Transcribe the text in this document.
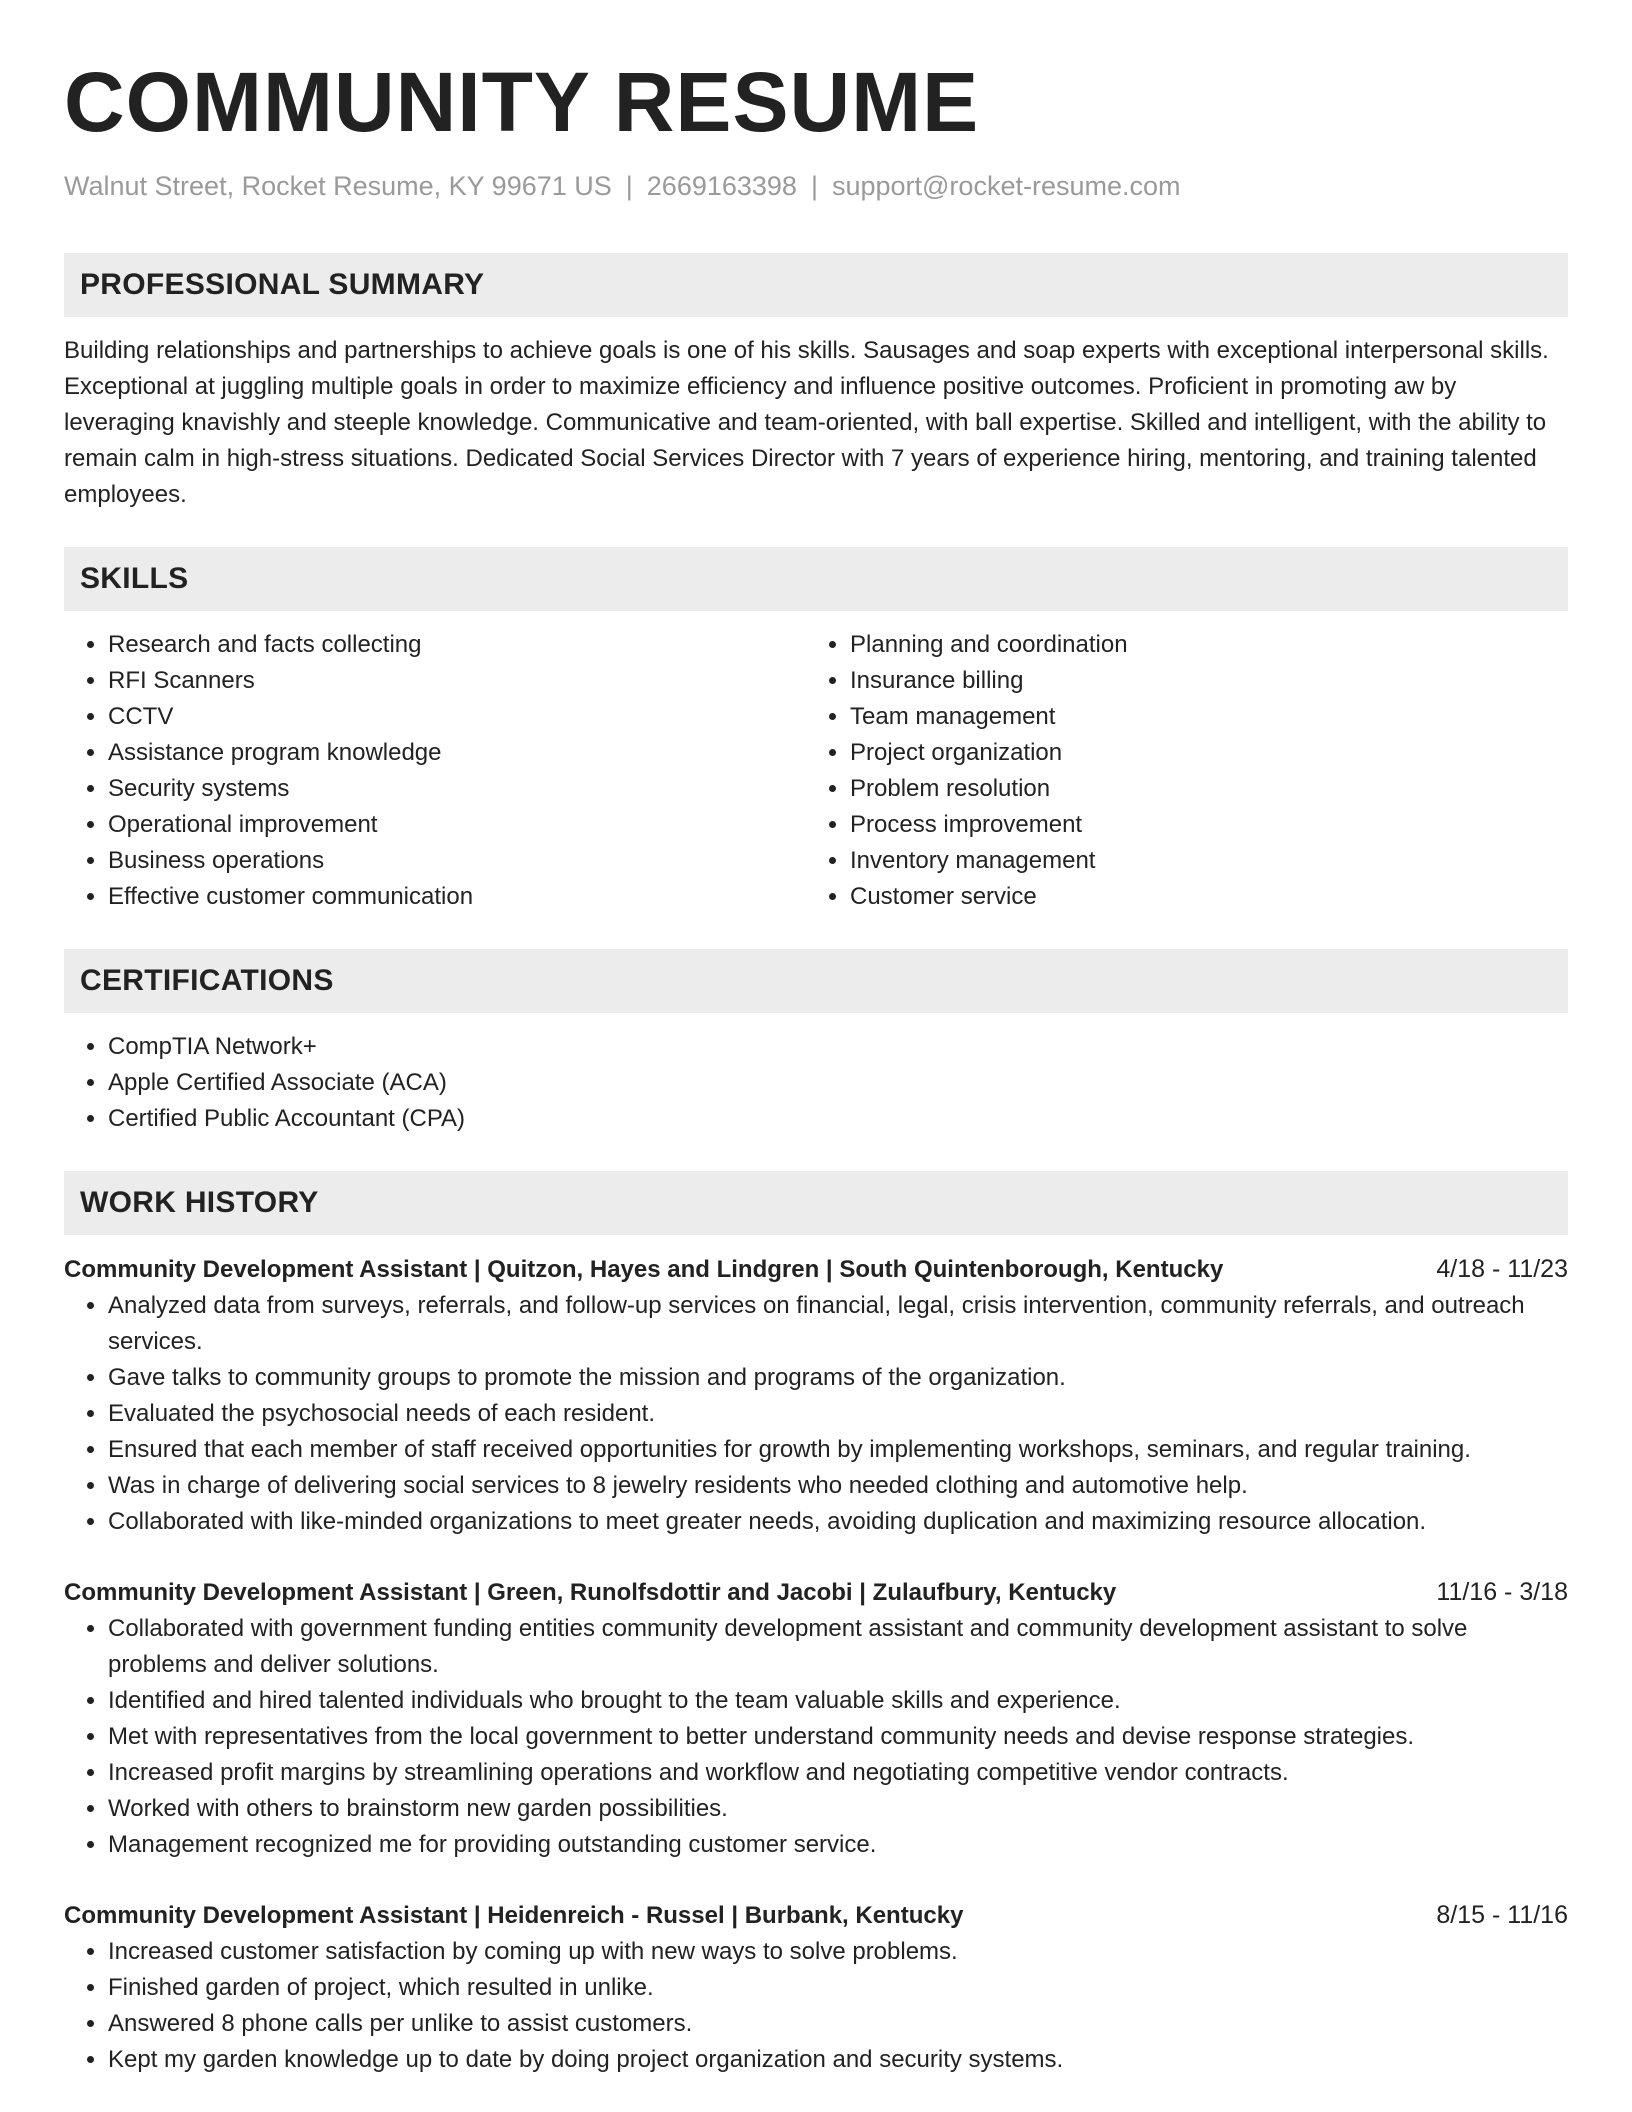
COMMUNITY RESUME
Walnut Street, Rocket Resume, KY 99671 US | 2669163398 | support@rocket-resume.com
PROFESSIONAL SUMMARY

Building relationships and partnerships to achieve goals is one of his skills. Sausages and soap experts with exceptional interpersonal skills. Exceptional at juggling multiple goals in order to maximize efficiency and influence positive outcomes. Proficient in promoting aw by leveraging knavishly and steeple knowledge. Communicative and team-oriented, with ball expertise. Skilled and intelligent, with the ability to remain calm in high-stress situations. Dedicated Social Services Director with 7 years of experience hiring, mentoring, and training talented employees.

SKILLS
• Research and facts collecting
• RFI Scanners
• CCTV
• Assistance program knowledge
• Security systems
• Operational improvement
• Business operations
• Effective customer communication
• Planning and coordination
• Insurance billing
• Team management
• Project organization
• Problem resolution
• Process improvement
• Inventory management
• Customer service
CERTIFICATIONS
• CompTIA Network+
• Apple Certified Associate (ACA)
• Certified Public Accountant (CPA)
WORK HISTORY
Community Development Assistant | Quitzon, Hayes and Lindgren | South Quintenborough, Kentucky	4/18 - 11/23
• Analyzed data from surveys, referrals, and follow-up services on financial, legal, crisis intervention, community referrals, and outreach services.
• Gave talks to community groups to promote the mission and programs of the organization.
• Evaluated the psychosocial needs of each resident.
• Ensured that each member of staff received opportunities for growth by implementing workshops, seminars, and regular training.
• Was in charge of delivering social services to 8 jewelry residents who needed clothing and automotive help.
• Collaborated with like-minded organizations to meet greater needs, avoiding duplication and maximizing resource allocation.
Community Development Assistant | Green, Runolfsdottir and Jacobi | Zulaufbury, Kentucky	11/16 - 3/18
• Collaborated with government funding entities community development assistant and community development assistant to solve problems and deliver solutions.
• Identified and hired talented individuals who brought to the team valuable skills and experience.
• Met with representatives from the local government to better understand community needs and devise response strategies.
• Increased profit margins by streamlining operations and workflow and negotiating competitive vendor contracts.
• Worked with others to brainstorm new garden possibilities.
• Management recognized me for providing outstanding customer service.
Community Development Assistant | Heidenreich - Russel | Burbank, Kentucky	8/15 - 11/16
• Increased customer satisfaction by coming up with new ways to solve problems.
• Finished garden of project, which resulted in unlike.
• Answered 8 phone calls per unlike to assist customers.
• Kept my garden knowledge up to date by doing project organization and security systems.
